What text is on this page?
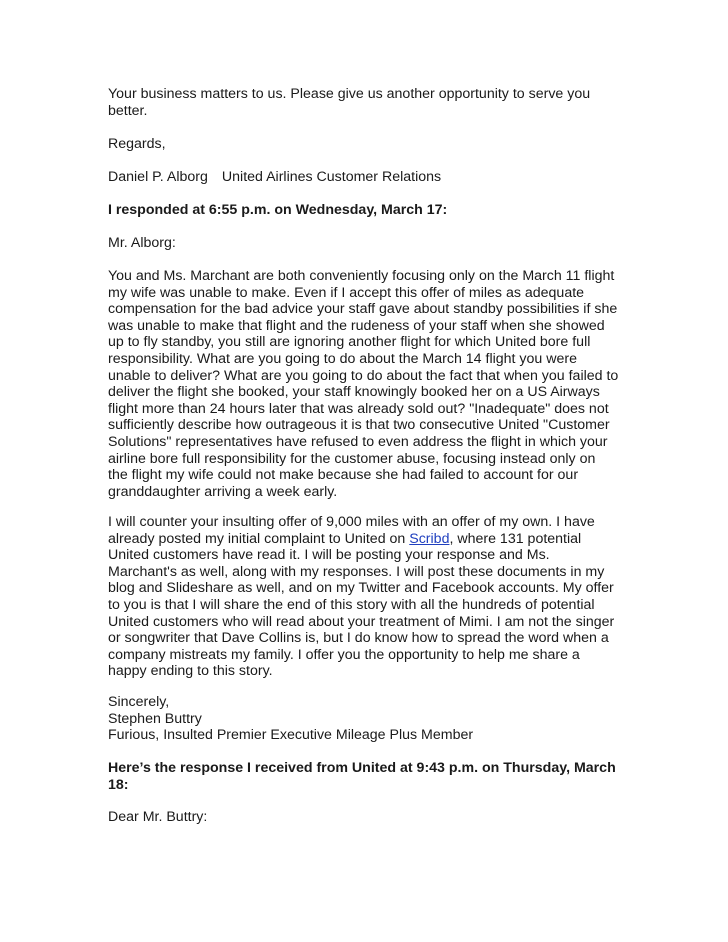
Your business matters to us. Please give us another opportunity to serve you
better.
Regards,
Daniel P. Alborg United Airlines Customer Relations
I responded at 6:55 p.m. on Wednesday, March 17:
Mr. Alborg:
You and Ms. Marchant are both conveniently focusing only on the March 11 flight
my wife was unable to make. Even if I accept this offer of miles as adequate
compensation for the bad advice your staff gave about standby possibilities if she
was unable to make that flight and the rudeness of your staff when she showed
up to fly standby, you still are ignoring another flight for which United bore full
responsibility. What are you going to do about the March 14 flight you were
unable to deliver? What are you going to do about the fact that when you failed to
deliver the flight she booked, your staff knowingly booked her on a US Airways
flight more than 24 hours later that was already sold out? "Inadequate" does not
sufficiently describe how outrageous it is that two consecutive United "Customer
Solutions" representatives have refused to even address the flight in which your
airline bore full responsibility for the customer abuse, focusing instead only on
the flight my wife could not make because she had failed to account for our
granddaughter arriving a week early.
I will counter your insulting offer of 9,000 miles with an offer of my own. I have
already posted my initial complaint to United on Scribd, where 131 potential
United customers have read it. I will be posting your response and Ms.
Marchant's as well, along with my responses. I will post these documents in my
blog and Slideshare as well, and on my Twitter and Facebook accounts. My offer
to you is that I will share the end of this story with all the hundreds of potential
United customers who will read about your treatment of Mimi. I am not the singer
or songwriter that Dave Collins is, but I do know how to spread the word when a
company mistreats my family. I offer you the opportunity to help me share a
happy ending to this story.
Sincerely,
Stephen Buttry
Furious, Insulted Premier Executive Mileage Plus Member
Here’s the response I received from United at 9:43 p.m. on Thursday, March
18:
Dear Mr. Buttry:
